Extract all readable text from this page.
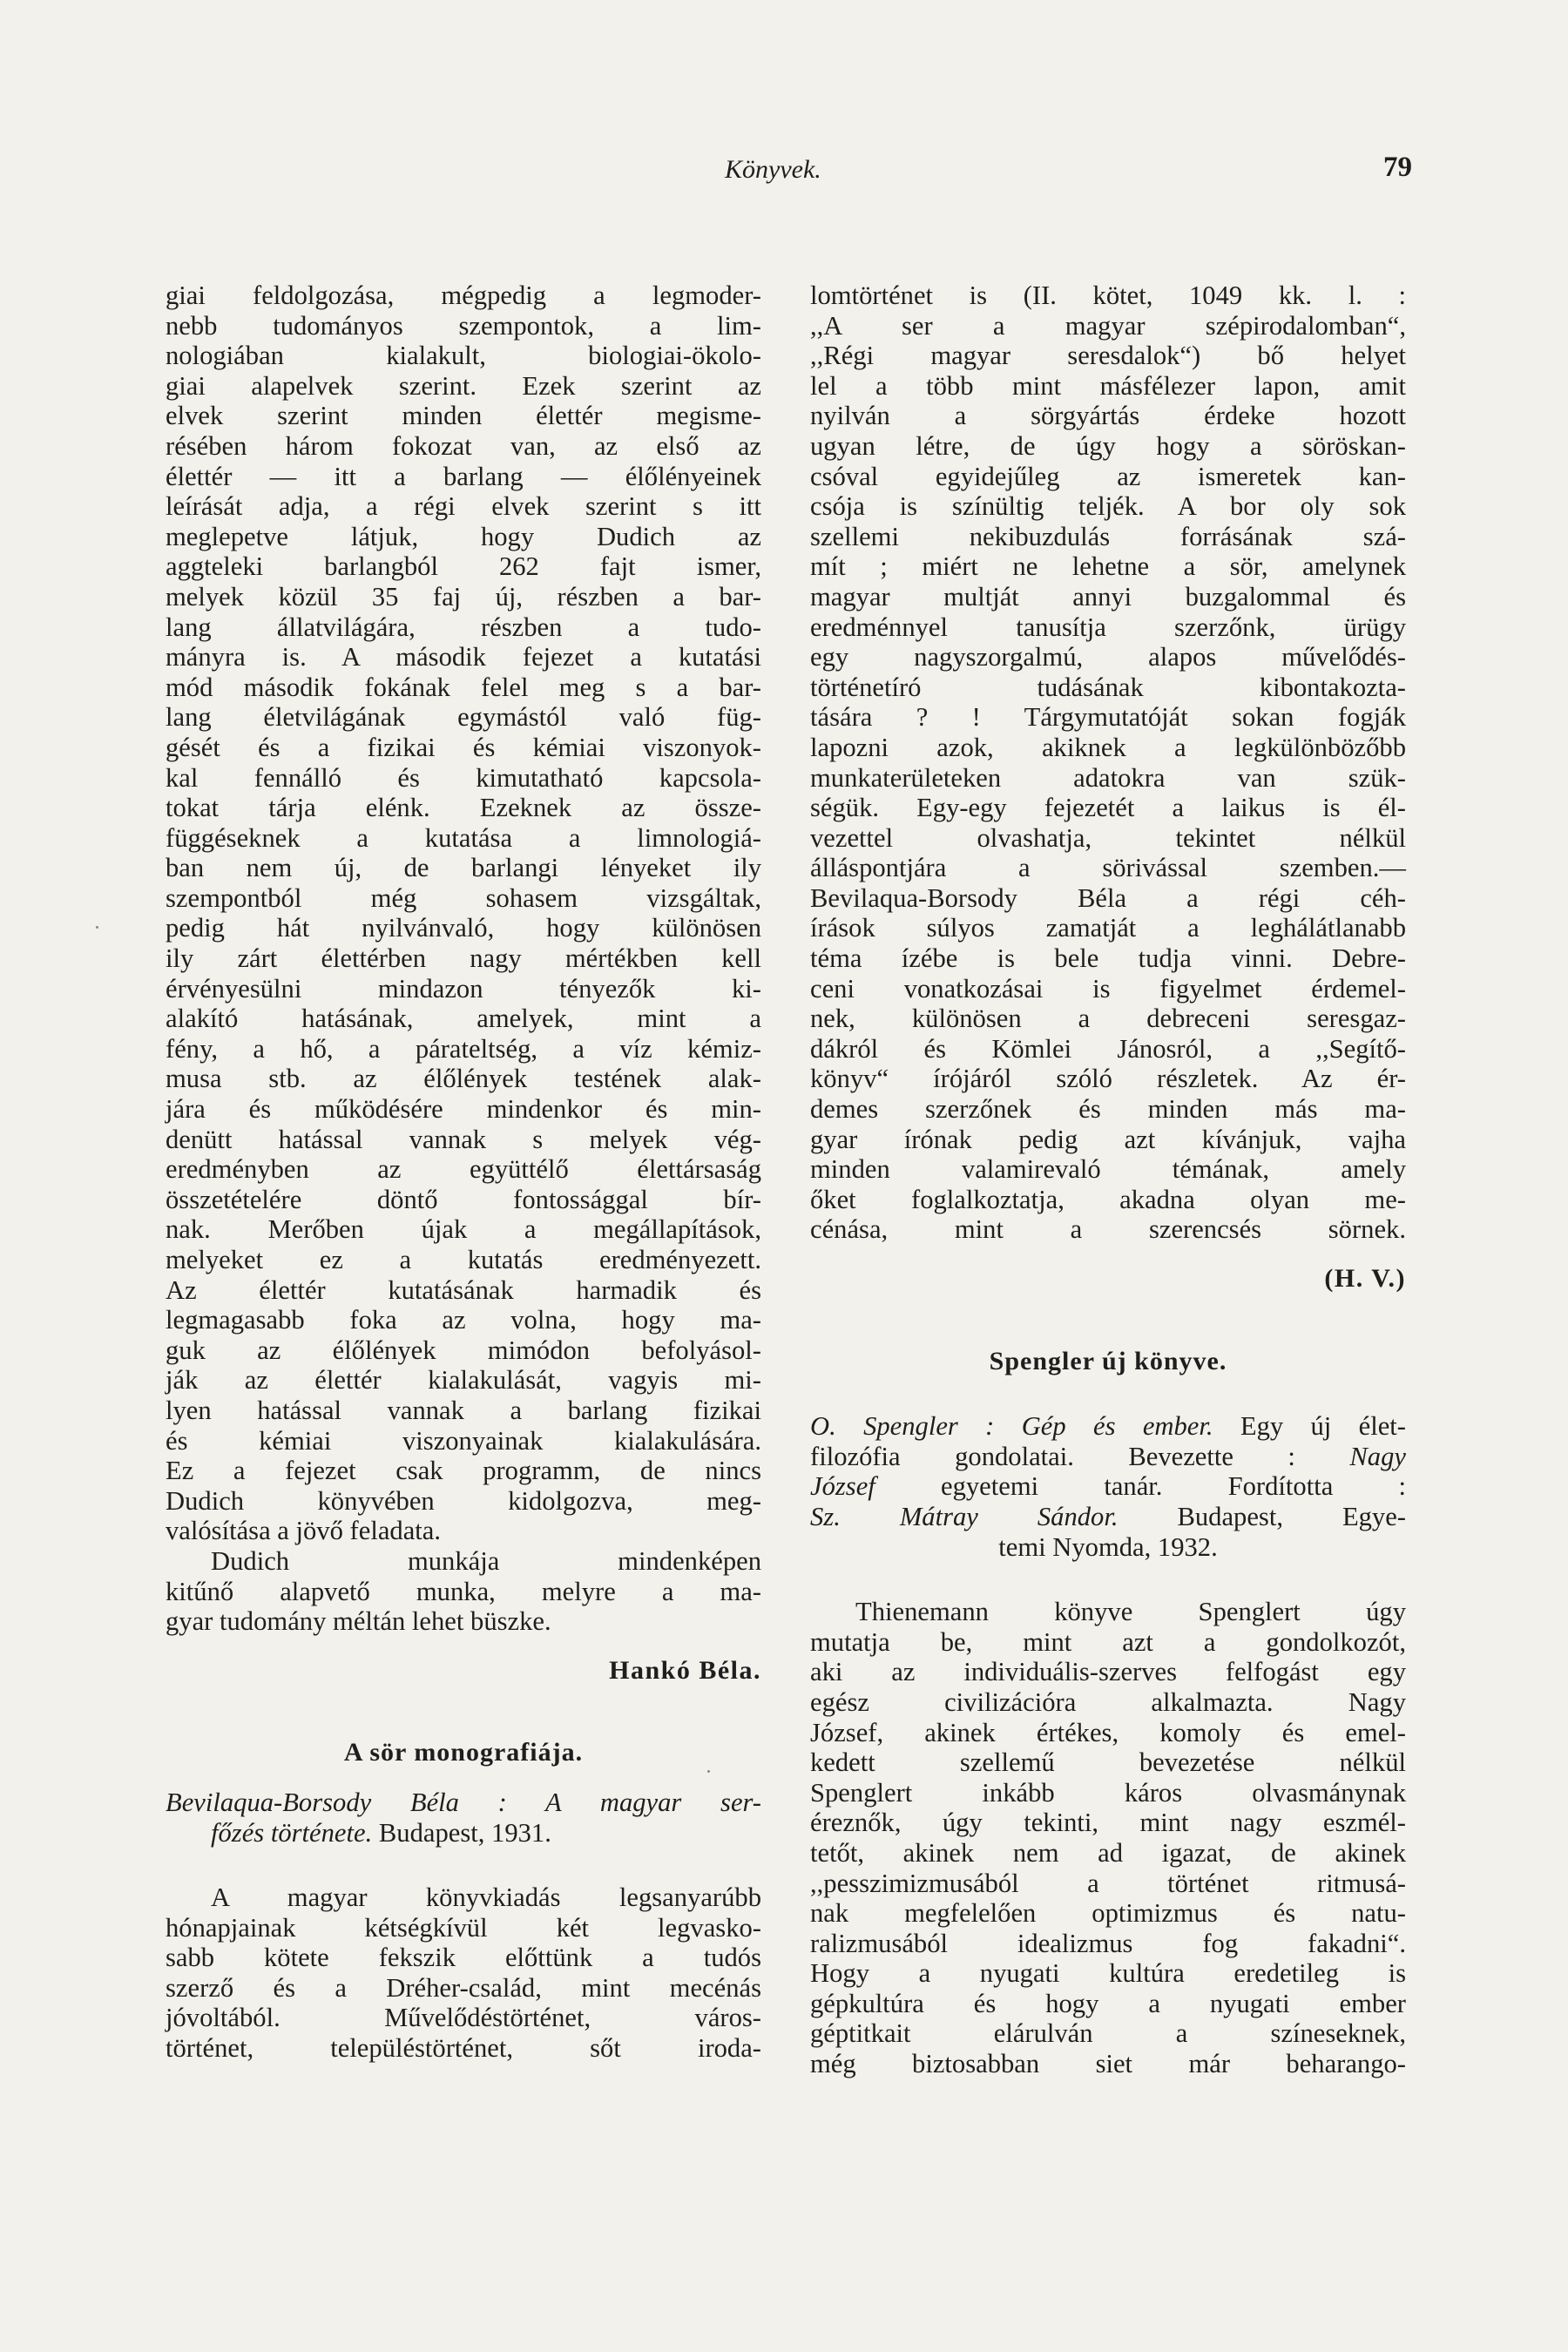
Könyvek.	79
giai feldolgozása, mégpedig a legmoder-
nebb tudományos szempontok, a lim-
nologiában kialakult, biologiai-ökolo-
giai alapelvek szerint. Ezek szerint az
elvek szerint minden élettér megisme-
résében három fokozat van, az első az
élettér — itt a barlang — élőlényeinek
leírását adja, a régi elvek szerint s itt
meglepetve látjuk, hogy Dudich az
aggteleki barlangból 262 fajt ismer,
melyek közül 35 faj új, részben a bar-
lang állatvilágára, részben a tudo-
mányra is. A második fejezet a kutatási
mód második fokának felel meg s a bar-
lang életvilágának egymástól való füg-
gését és a fizikai és kémiai viszonyok-
kal fennálló és kimutatható kapcsola-
tokat tárja elénk. Ezeknek az össze-
függéseknek a kutatása a limnologiá-
ban nem új, de barlangi lényeket ily
szempontból még sohasem vizsgáltak,
pedig hát nyilvánvaló, hogy különösen
ily zárt élettérben nagy mértékben kell
érvényesülni mindazon tényezők ki-
alakító hatásának, amelyek, mint a
fény, a hő, a párateltség, a víz kémiz-
musa stb. az élőlények testének alak-
jára és működésére mindenkor és min-
denütt hatással vannak s melyek vég-
eredményben az együttélő élettársaság
összetételére döntő fontossággal bír-
nak. Merőben újak a megállapítások,
melyeket ez a kutatás eredményezett.
Az élettér kutatásának harmadik és
legmagasabb foka az volna, hogy ma-
guk az élőlények mimódon befolyásol-
ják az élettér kialakulását, vagyis mi-
lyen hatással vannak a barlang fizikai
és kémiai viszonyainak kialakulására.
Ez a fejezet csak programm, de nincs
Dudich könyvében kidolgozva, meg-
valósítása a jövő feladata.
Dudich munkája mindenképen
kitűnő alapvető munka, melyre a ma-
gyar tudomány méltán lehet büszke.
Hankó Béla.
A sör monografiája.
Bevilaqua-Borsody Béla : A magyar ser-
főzés története. Budapest, 1931.
A magyar könyvkiadás legsanyarúbb
hónapjainak kétségkívül két legvasko-
sabb kötete fekszik előttünk a tudós
szerző és a Dréher-család, mint mecénás
jóvoltából. Művelődéstörténet, város-
történet, településtörténet, sőt iroda-
lomtörténet is (II. kötet, 1049 kk. l. :
,,A ser a magyar szépirodalomban“,
,,Régi magyar seresdalok“) bő helyet
lel a több mint másfélezer lapon, amit
nyilván a sörgyártás érdeke hozott
ugyan létre, de úgy hogy a söröskan-
csóval egyidejűleg az ismeretek kan-
csója is színültig teljék. A bor oly sok
szellemi nekibuzdulás forrásának szá-
mít ; miért ne lehetne a sör, amelynek
magyar multját annyi buzgalommal és
eredménnyel tanusítja szerzőnk, ürügy
egy nagyszorgalmú, alapos művelődés-
történetíró tudásának kibontakozta-
tására ? ! Tárgymutatóját sokan fogják
lapozni azok, akiknek a legkülönbözőbb
munkaterületeken adatokra van szük-
ségük. Egy-egy fejezetét a laikus is él-
vezettel olvashatja, tekintet nélkül
álláspontjára a sörivással szemben.—
Bevilaqua-Borsody Béla a régi céh-
írások súlyos zamatját a leghálátlanabb
téma ízébe is bele tudja vinni. Debre-
ceni vonatkozásai is figyelmet érdemel-
nek, különösen a debreceni seresgaz-
dákról és Kömlei Jánosról, a ,,Segítő-
könyv“ írójáról szóló részletek. Az ér-
demes szerzőnek és minden más ma-
gyar írónak pedig azt kívánjuk, vajha
minden valamirevaló témának, amely
őket foglalkoztatja, akadna olyan me-
cénása, mint a szerencsés sörnek.
(H. V.)
Spengler új könyve.
O. Spengler : Gép és ember. Egy új élet-
filozófia gondolatai. Bevezette : Nagy
József egyetemi tanár. Fordította :
Sz. Mátray Sándor. Budapest, Egye-
temi Nyomda, 1932.
Thienemann könyve Spenglert úgy
mutatja be, mint azt a gondolkozót,
aki az individuális-szerves felfogást egy
egész civilizációra alkalmazta. Nagy
József, akinek értékes, komoly és emel-
kedett szellemű bevezetése nélkül
Spenglert inkább káros olvasmánynak
éreznők, úgy tekinti, mint nagy eszmél-
tetőt, akinek nem ad igazat, de akinek
,,pesszimizmusából a történet ritmusá-
nak megfelelően optimizmus és natu-
ralizmusából idealizmus fog fakadni“.
Hogy a nyugati kultúra eredetileg is
gépkultúra és hogy a nyugati ember
géptitkait elárulván a színeseknek,
még biztosabban siet már beharango-
